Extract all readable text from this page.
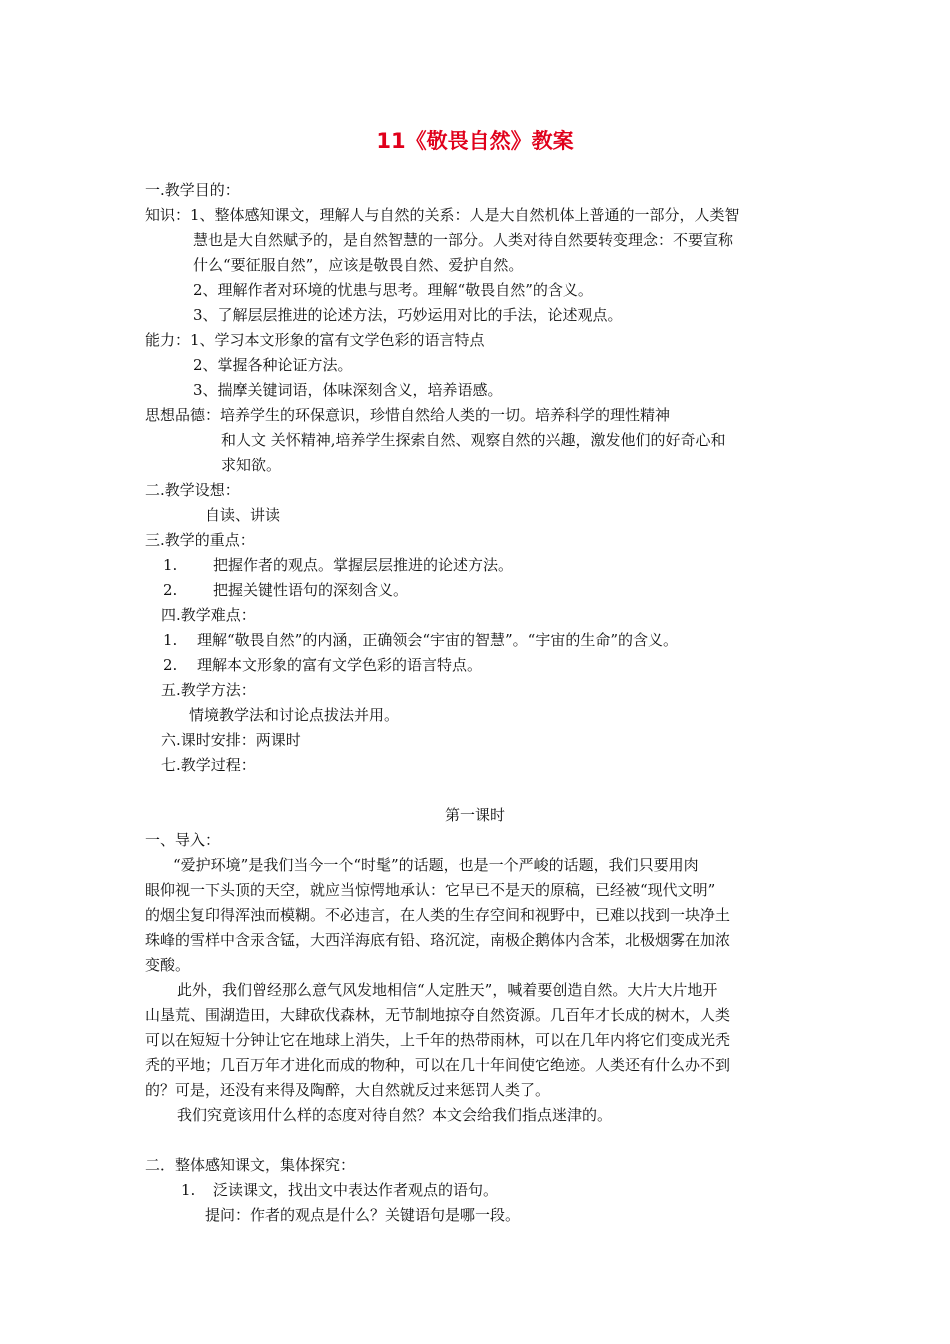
11《敬畏自然》教案
一.教学目的：
知识：1、整体感知课文，理解人与自然的关系：人是大自然机体上普通的一部分，人类智
慧也是大自然赋予的，是自然智慧的一部分。人类对待自然要转变理念：不要宣称
什么“要征服自然”，应该是敬畏自然、爱护自然。
2、理解作者对环境的忧患与思考。理解“敬畏自然”的含义。
3、了解层层推进的论述方法，巧妙运用对比的手法，论述观点。
能力：1、学习本文形象的富有文学色彩的语言特点
2、掌握各种论证方法。
3、揣摩关键词语，体味深刻含义，培养语感。
思想品德：培养学生的环保意识，珍惜自然给人类的一切。培养科学的理性精神
和人文 关怀精神,培养学生探索自然、观察自然的兴趣，激发他们的好奇心和
求知欲。
二.教学设想：
自读、讲读
三.教学的重点：
1. 把握作者的观点。掌握层层推进的论述方法。
2. 把握关键性语句的深刻含义。
四.教学难点：
1. 理解“敬畏自然”的内涵，正确领会“宇宙的智慧”。“宇宙的生命”的含义。
2. 理解本文形象的富有文学色彩的语言特点。
五.教学方法：
情境教学法和讨论点拔法并用。
六.课时安排：两课时
七.教学过程：
第一课时
一、导入：
“爱护环境”是我们当今一个“时髦”的话题，也是一个严峻的话题，我们只要用肉
眼仰视一下头顶的天空，就应当惊愕地承认：它早已不是天的原稿，已经被“现代文明”
的烟尘复印得浑浊而模糊。不必违言，在人类的生存空间和视野中，已难以找到一块净土
珠峰的雪样中含汞含锰，大西洋海底有铅、珞沉淀，南极企鹅体内含苯，北极烟雾在加浓
变酸。
此外，我们曾经那么意气风发地相信“人定胜天”，喊着要创造自然。大片大片地开
山垦荒、围湖造田，大肆砍伐森林，无节制地掠夺自然资源。几百年才长成的树木，人类
可以在短短十分钟让它在地球上消失，上千年的热带雨林，可以在几年内将它们变成光秃
秃的平地；几百万年才进化而成的物种，可以在几十年间使它绝迹。人类还有什么办不到
的？可是，还没有来得及陶醉，大自然就反过来惩罚人类了。
我们究竟该用什么样的态度对待自然？本文会给我们指点迷津的。
二．整体感知课文，集体探究：
1. 泛读课文，找出文中表达作者观点的语句。
提问：作者的观点是什么？关键语句是哪一段。
